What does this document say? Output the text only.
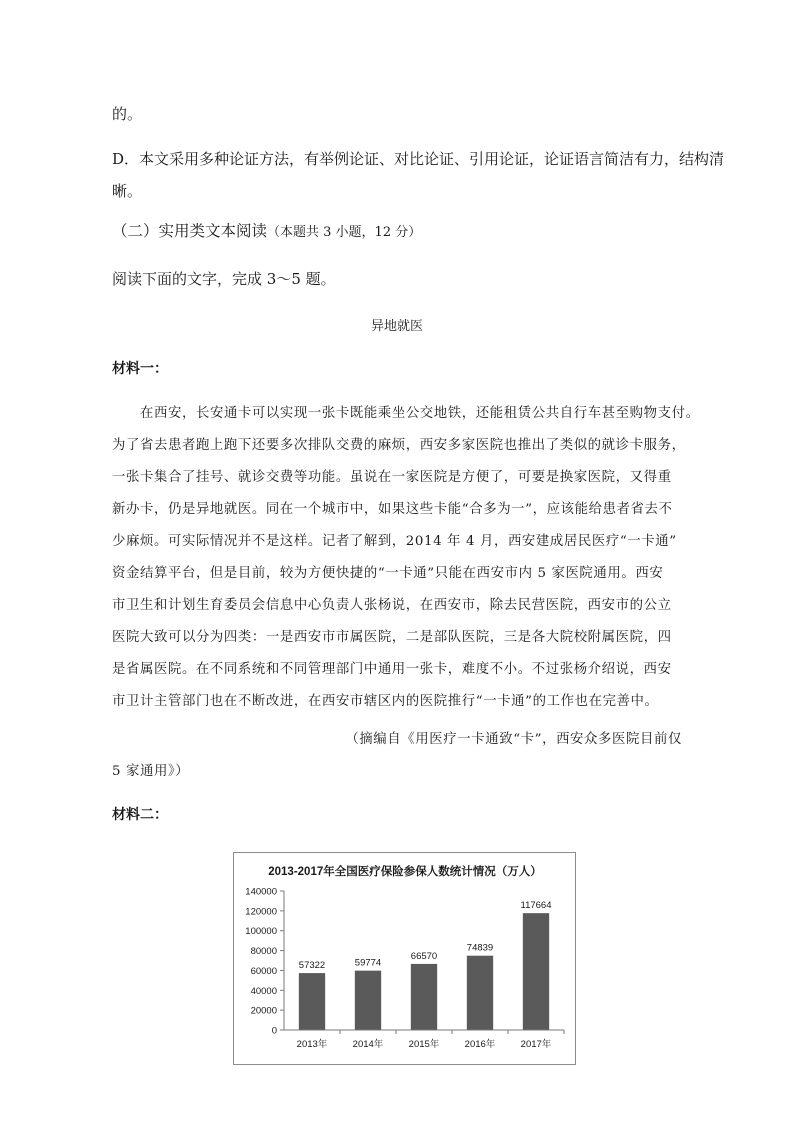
的。
D．本文采用多种论证方法，有举例论证、对比论证、引用论证，论证语言简洁有力，结构清
晰。
（二）实用类文本阅读（本题共 3 小题，12 分）
阅读下面的文字，完成 3～5 题。
异地就医
材料一：
在西安，长安通卡可以实现一张卡既能乘坐公交地铁，还能租赁公共自行车甚至购物支付。
为了省去患者跑上跑下还要多次排队交费的麻烦，西安多家医院也推出了类似的就诊卡服务，
一张卡集合了挂号、就诊交费等功能。虽说在一家医院是方便了，可要是换家医院，又得重
新办卡，仍是异地就医。同在一个城市中，如果这些卡能“合多为一”，应该能给患者省去不
少麻烦。可实际情况并不是这样。记者了解到，2014 年 4 月，西安建成居民医疗“一卡通”
资金结算平台，但是目前，较为方便快捷的“一卡通”只能在西安市内 5 家医院通用。西安
市卫生和计划生育委员会信息中心负责人张杨说，在西安市，除去民营医院，西安市的公立
医院大致可以分为四类：一是西安市市属医院，二是部队医院，三是各大院校附属医院，四
是省属医院。在不同系统和不同管理部门中通用一张卡，难度不小。不过张杨介绍说，西安
市卫计主管部门也在不断改进，在西安市辖区内的医院推行“一卡通”的工作也在完善中。
（摘编自《用医疗一卡通致“卡”，西安众多医院目前仅
5 家通用》）
材料二：
2013-2017年全国医疗保险参保人数统计情况（万人）
0
20000
40000
60000
80000
100000
120000
140000
57322	59774
66570
74839
117664
2013年	2014年	2015年	2016年	2017年
